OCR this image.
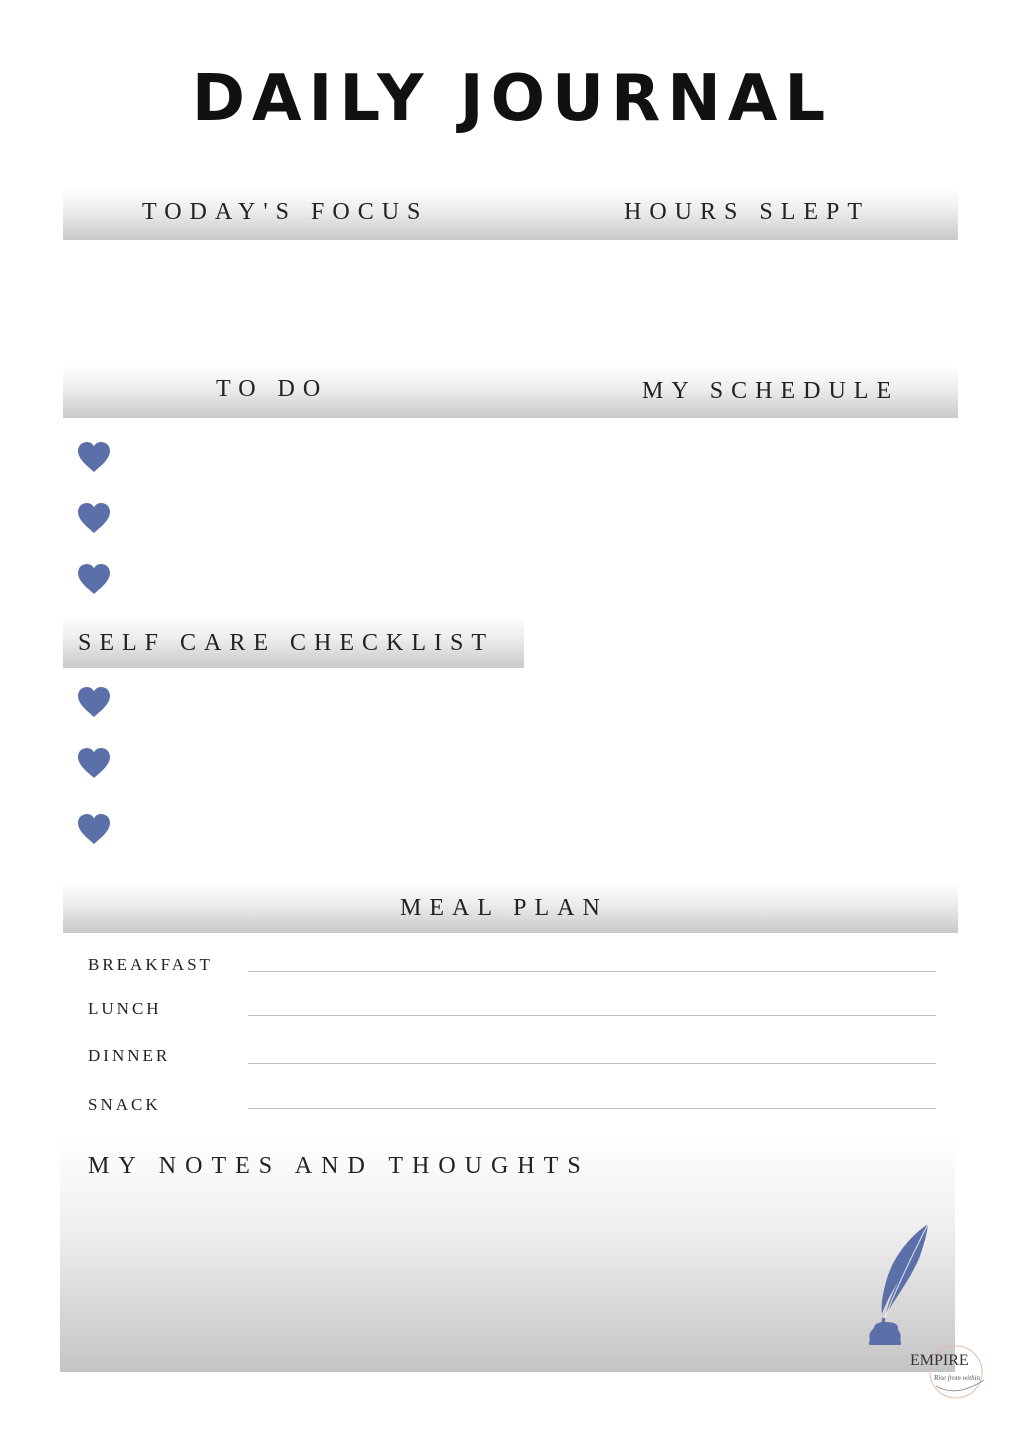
DAILY JOURNAL
TODAY'S FOCUS	HOURS SLEPT
TO DO	MY SCHEDULE
SELF CARE CHECKLIST
MEAL PLAN
BREAKFAST
LUNCH
DINNER
SNACK
MY NOTES AND THOUGHTS
EMPIRE
Rise from within
